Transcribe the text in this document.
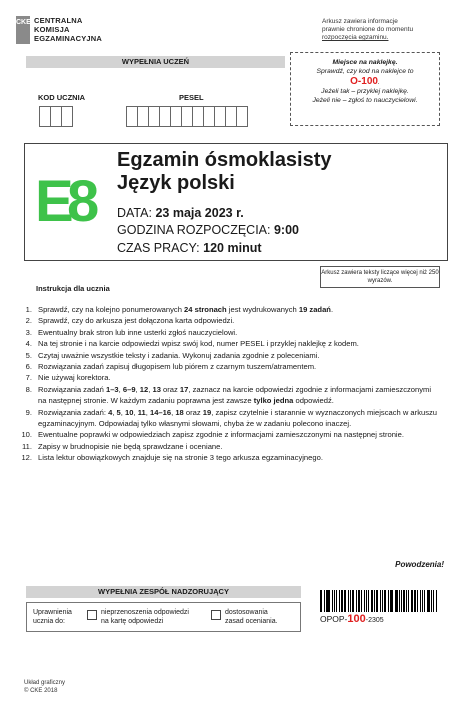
CKE CENTRALNA
KOMISJA
EGZAMINACYJNA
Arkusz zawiera informacje
prawnie chronione do momentu
rozpoczęcia egzaminu.
WYPEŁNIA UCZEŃ	Miejsce na naklejkę.
Sprawdź, czy kod na naklejce to
O-100.
Jeżeli tak – przyklej naklejkę.
Jeżeli nie – zgłoś to nauczycielowi.
KOD UCZNIA	PESEL
E
8
Egzamin ósmoklasisty
Język polski
DATA: 23 maja 2023 r.
GODZINA ROZPOCZĘCIA: 9:00
CZAS PRACY: 120 minut
Arkusz zawiera teksty liczące więcej niż 250 wyrazów.
Instrukcja dla ucznia
1. Sprawdź, czy na kolejno ponumerowanych 24 stronach jest wydrukowanych 19 zadań.
2. Sprawdź, czy do arkusza jest dołączona karta odpowiedzi.
3. Ewentualny brak stron lub inne usterki zgłoś nauczycielowi.
4. Na tej stronie i na karcie odpowiedzi wpisz swój kod, numer PESEL i przyklej naklejkę z kodem.
5. Czytaj uważnie wszystkie teksty i zadania. Wykonuj zadania zgodnie z poleceniami.
6. Rozwiązania zadań zapisuj długopisem lub piórem z czarnym tuszem/atramentem.
7. Nie używaj korektora.
8. Rozwiązania zadań 1–3, 6–9, 12, 13 oraz 17, zaznacz na karcie odpowiedzi zgodnie z informacjami zamieszczonymi na następnej stronie. W każdym zadaniu poprawna jest zawsze tylko jedna odpowiedź.
9. Rozwiązania zadań: 4, 5, 10, 11, 14–16, 18 oraz 19, zapisz czytelnie i starannie w wyznaczonych miejscach w arkuszu egzaminacyjnym. Odpowiadaj tylko własnymi słowami, chyba że w zadaniu polecono inaczej.
10. Ewentualne poprawki w odpowiedziach zapisz zgodnie z informacjami zamieszczonymi na następnej stronie.
11. Zapisy w brudnopisie nie będą sprawdzane i oceniane.
12. Lista lektur obowiązkowych znajduje się na stronie 3 tego arkusza egzaminacyjnego.
Powodzenia!
WYPEŁNIA ZESPÓŁ NADZORUJĄCY
Uprawnienia
ucznia do:
nieprzenoszenia odpowiedzi
na kartę odpowiedzi
dostosowania
zasad oceniania.	OPOP-100-2305
Układ graficzny
© CKE 2018
